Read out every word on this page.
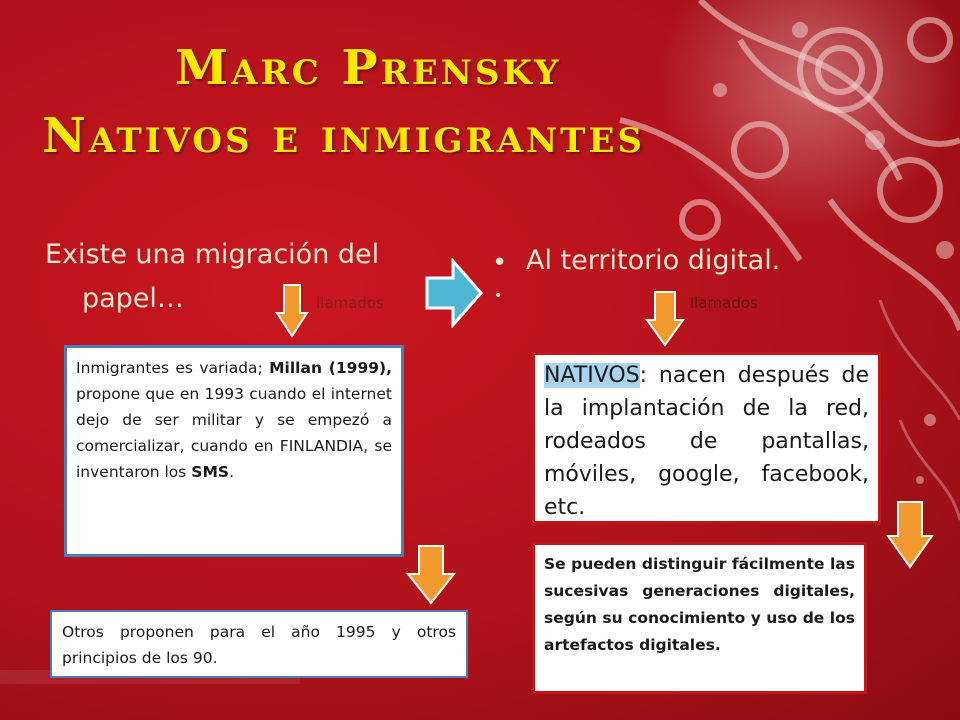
Marc Prensky
Nativos e inmigrantes
Existe una migración del
papel…	llamados

Inmigrantes es variada; Millan (1999), propone que en 1993 cuando el internet dejo de ser militar y se empezó a comercializar, cuando en FINLANDIA, se inventaron los SMS.

Otros proponen para el año 1995 y otros principios de los 90.

• Al territorio digital.
•	llamados

NATIVOS: nacen después de la implantación de la red, rodeados de pantallas, móviles, google, facebook, etc.

Se pueden distinguir fácilmente las sucesivas generaciones digitales, según su conocimiento y uso de los artefactos digitales.
